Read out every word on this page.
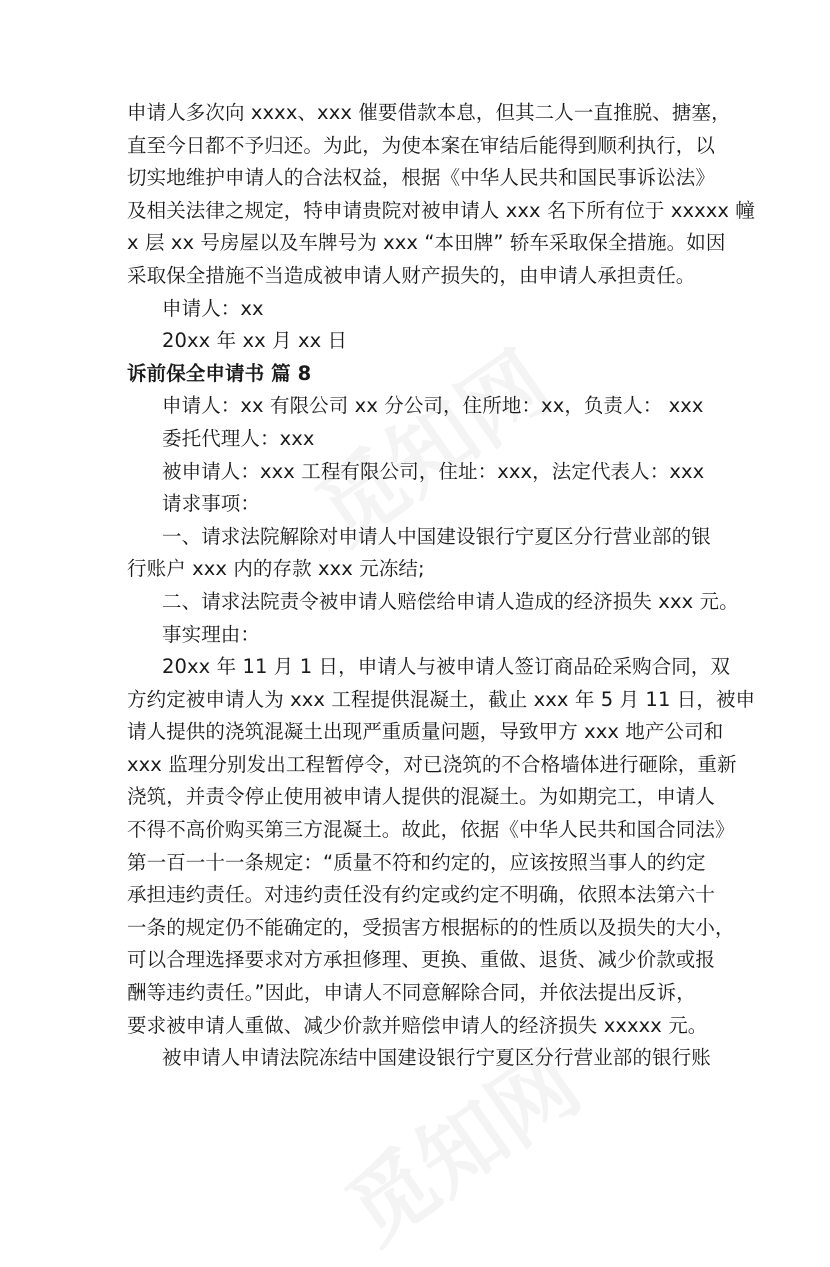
申请人多次向 xxxx、xxx 催要借款本息，但其二人一直推脱、搪塞，
直至今日都不予归还。为此，为使本案在审结后能得到顺利执行，以
切实地维护申请人的合法权益，根据《中华人民共和国民事诉讼法》
及相关法律之规定，特申请贵院对被申请人 xxx 名下所有位于 xxxxx 幢
x 层 xx 号房屋以及车牌号为 xxx “本田牌” 轿车采取保全措施。如因
采取保全措施不当造成被申请人财产损失的，由申请人承担责任。
申请人：xx
20xx 年 xx 月 xx 日
诉前保全申请书 篇 8
申请人：xx 有限公司 xx 分公司，住所地：xx，负责人： xxx
委托代理人：xxx
被申请人：xxx 工程有限公司，住址：xxx，法定代表人：xxx
请求事项：
一、请求法院解除对申请人中国建设银行宁夏区分行营业部的银
行账户 xxx 内的存款 xxx 元冻结;
二、请求法院责令被申请人赔偿给申请人造成的经济损失 xxx 元。
事实理由：
20xx 年 11 月 1 日，申请人与被申请人签订商品砼采购合同，双
方约定被申请人为 xxx 工程提供混凝土，截止 xxx 年 5 月 11 日，被申
请人提供的浇筑混凝土出现严重质量问题，导致甲方 xxx 地产公司和
xxx 监理分别发出工程暂停令，对已浇筑的不合格墙体进行砸除，重新
浇筑，并责令停止使用被申请人提供的混凝土。为如期完工，申请人
不得不高价购买第三方混凝土。故此，依据《中华人民共和国合同法》
第一百一十一条规定：“质量不符和约定的，应该按照当事人的约定
承担违约责任。对违约责任没有约定或约定不明确，依照本法第六十
一条的规定仍不能确定的，受损害方根据标的的性质以及损失的大小，
可以合理选择要求对方承担修理、更换、重做、退货、减少价款或报
酬等违约责任。”因此，申请人不同意解除合同，并依法提出反诉，
要求被申请人重做、减少价款并赔偿申请人的经济损失 xxxxx 元。
被申请人申请法院冻结中国建设银行宁夏区分行营业部的银行账
